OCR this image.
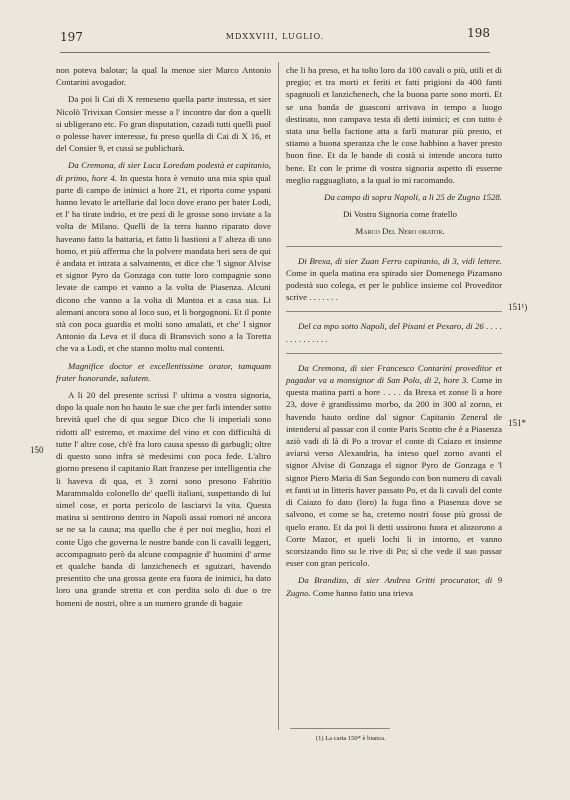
197	MDXXVIII, LUGLIO.	198
150
151¹)
151*

non poteva balotar; la qual la menoe sier Marco Antonio Contarini avogador.

Da poi li Cai di X remeseno quella parte instessa, et sier Nicolò Trivixan Consier messe a l' incontro dar don a quelli si ubligerano etc. Fo gran disputation, cazadi tutti quelli puol o polesse haver interesse, fu preso quella di Cai di X 16, et del Consier 9, et cussì se publicharà.

Da Cremona, di sier Luca Loredam podestà et capitanio, di primo, hore 4. In questa hora è venuto una mia spia qual parte di campo de inimici a hore 21, et riporta come yspani hanno levato le artellarie dal loco dove erano per bater Lodi, et l' ha tirate indrio, et tre pezi di le grosse sono inviate a la volta de Milano. Quelli de la terra hanno riparato dove haveano fatto la battaria, et fatto li bastioni a l' alteza di uno homo, et più afferma che la polvere mandata heri sera de qui è andata et intrata a salvamento, et dice che 'l signor Alvise et signor Pyro da Gonzaga con tutte loro compagnie sono levate de campo et vanno a la volta de Piasenza. Alcuni dicono che vanno a la volta di Mantoa et a casa sua. Li alemani ancora sono al loco suo, et li borgognoni. Et il ponte stà con poca guardia et molti sono amalati, et che' l signor Antonio da Leva et il duca di Bransvich sono a la Toretta che va a Lodi, et che stanno molto mal contenti.

Magnifice doctor et excellentissime orator, tamquam frater honorande, salutem.

A li 20 del presente scrissi l' ultima a vostra signoria, dopo la quale non ho hauto le sue che per farli intender sotto brevità quel che di qua segue Dico che li imperiali sono ridotti all' estremo, et maxime del vino et con difficultà di tutte l' altre cose, ch'è fra loro causa spesso di garbugli; oltre di questo sono infra sè medesimi con poca fede. L'altro giorno preseno il capitanio Ratt franzese per intelligentia che li haveva di qua, et 3 zorni sono presono Fabritio Marammaldo colonello de' quelli italiani, suspettando di lui simel cose, et porta pericolo de lasciarvi la vita. Questa matina si sentirono dentro in Napoli assai romori né ancora se ne sa la causa; ma quello che è per noi meglio, hozi el conte Ugo che governa le nostre bande con li cavalli leggeri, accompagnato però da alcune compagnie d' huomini d' arme et qualche banda di lanzichenech et sguizari, havendo presentito che una grossa gente era fuora de inimici, ha dato loro una grande stretta et con perdita solo di due o tre homeni de nostri, oltre a un numero grande di bagaie

che li ha preso, et ha tolto loro da 100 cavali o più, utili et di pregio; et tra morti et feriti et fatti prigioni da 400 fanti spagnuoli et lanzichenech, che la buona parte sono morti. Et se una banda de guasconi arrivava in tempo a luogo destinato, non campava testa di detti inimici; et con tutto è stata una bella factione atta a farli maturar più presto, et stiamo a buona speranza che le cose habbino a haver presto buon fine. Et da le bande di costà si intende ancora tutto bene. Et con le prime di vostra signoria aspetto di esserne meglio ragguagliato, a la qual io mi racomando.

Da campo di sopra Napoli, a li 25 de Zugno 1528.

Di Vostra Signoria come fratello

Marco Del Nero orator.

Di Brexa, di sier Zuan Ferro capitanio, di 3, vidi lettere. Come in quela matina era spirado sier Domenego Pizamano podestà suo colega, et per le publice insieme col Proveditor scrive . . . . . . .

Del ca mpo sotto Napoli, del Pixani et Pexaro, di 26 . . . . . . . . . . . . . .

Da Cremona, di sier Francesco Contarini proveditor et pagador va a monsignor di San Polo, di 2, hore 3. Come in questa matina parti a hore . . . . da Brexa et zonse lì a hore 23, dove è grandissimo morbo, da 200 in 300 al zorno, et havendo hauto ordine dal signor Capitanio Zeneral de intendersi al passar con il conte Paris Scotto che è a Piasenza aziò vadi di là di Po a trovar el conte di Caiazo et insieme aviarsi verso Alexandria, ha inteso quel zorno avanti el signor Alvise di Gonzaga el signor Pyro de Gonzaga e 'l signor Piero Maria di San Segondo con bon numero di cavali et fanti ut in litteris haver passato Po, et da li cavali del conte di Caiazo fo dato (loro) la fuga fino a Piasenza dove se salvono, et come se ha, cretemo nostri fosse più grossi de quelo erano. Et da poi li detti ussirono fuora et alozorono a Corte Mazor, et queli lochi li in intorno, et vanno scorsizando fino su le rive di Po; sì che vede il suo passar esser con gran pericolo.

Da Brandizo, di sier Andrea Gritti procurator, di 9 Zugno. Come hanno fatto una trieva

(1) La carta 150* è bianca.
